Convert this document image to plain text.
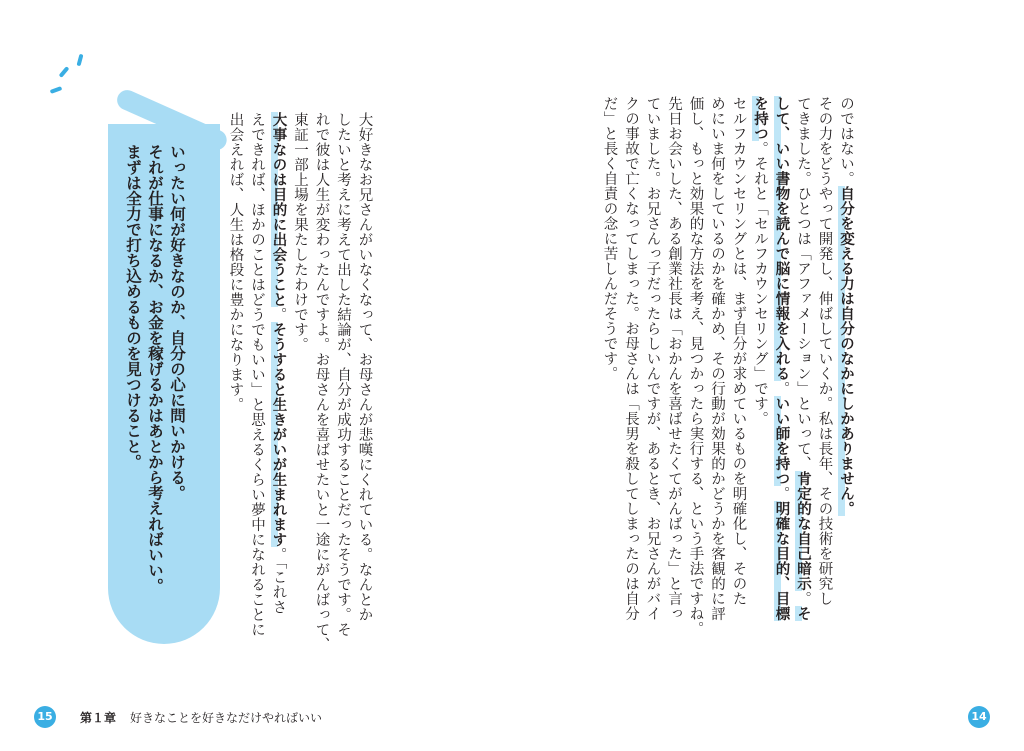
いったい何が好きなのか、自分の心に問いかける。
それが仕事になるか、お金を稼げるかはあとから考えればいい。
まずは全力で打ち込めるものを見つけること。	大好きなお兄さんがいなくなって、お母さんが悲嘆にくれている。なんとか
したいと考えに考えて出した結論が、自分が成功することだったそうです。そ
れで彼は人生が変わったんですよ。お母さんを喜ばせたいと一途にがんばって、
東証一部上場を果たしたわけです。
大事なのは目的に出会うこと。そうすると生きがいが生まれます。「これさ
えできれば、ほかのことはどうでもいい」と思えるくらい夢中になれることに
出会えれば、人生は格段に豊かになります。	のではない。自分を変える力は自分のなかにしかありません。
その力をどうやって開発し、伸ばしていくか。私は長年、その技術を研究し
てきました。ひとつは「アファメーション」といって、肯定的な自己暗示。そ
して、いい書物を読んで脳に情報を入れる。いい師を持つ。明確な目的、目標
を持つ。それと「セルフカウンセリング」です。
セルフカウンセリングとは、まず自分が求めているものを明確化し、そのた
めにいま何をしているのかを確かめ、その行動が効果的かどうかを客観的に評
価し、もっと効果的な方法を考え、見つかったら実行する、という手法ですね。
先日お会いした、ある創業社長は「おかんを喜ばせたくてがんばった」と言っ
ていました。お兄さんっ子だったらしいんですが、あるとき、お兄さんがバイ
クの事故で亡くなってしまった。お母さんは「長男を殺してしまったのは自分
だ」と長く自責の念に苦しんだそうです。
15 第１章 好きなことを好きなだけやればいい	14
